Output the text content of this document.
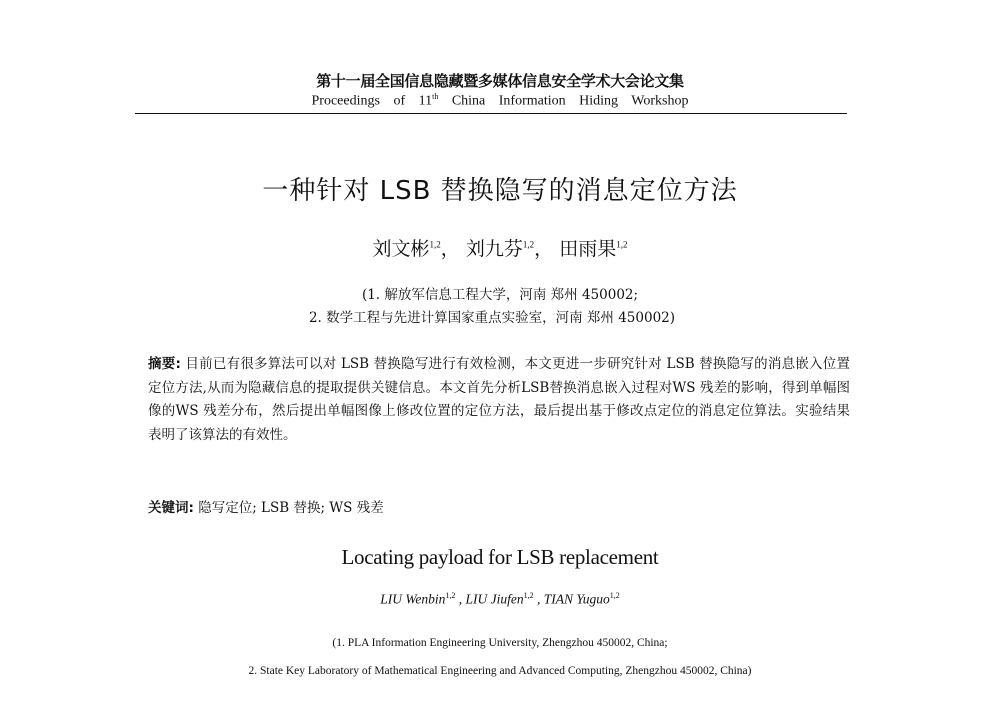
第十一届全国信息隐藏暨多媒体信息安全学术大会论文集
Proceedings of 11th China Information Hiding Workshop
一种针对 LSB 替换隐写的消息定位方法
刘文彬$^{1,2}$， 刘九芬$^{1,2}$， 田雨果$^{1,2}$
(1. 解放军信息工程大学，河南 郑州 450002;
2. 数学工程与先进计算国家重点实验室，河南 郑州 450002)
摘要: 目前已有很多算法可以对 LSB 替换隐写进行有效检测，本文更进一步研究针对 LSB 替换隐写的消息嵌入位置定位方法,从而为隐藏信息的提取提供关键信息。本文首先分析LSB替换消息嵌入过程对WS 残差的影响，得到单幅图像的WS 残差分布，然后提出单幅图像上修改位置的定位方法，最后提出基于修改点定位的消息定位算法。实验结果表明了该算法的有效性。
关键词: 隐写定位; LSB 替换; WS 残差
Locating payload for LSB replacement
LIU Wenbin$^{1,2}$ , LIU Jiufen$^{1,2}$ , TIAN Yuguo$^{1,2}$
(1. PLA Information Engineering University, Zhengzhou 450002, China;
2. State Key Laboratory of Mathematical Engineering and Advanced Computing, Zhengzhou 450002, China)
